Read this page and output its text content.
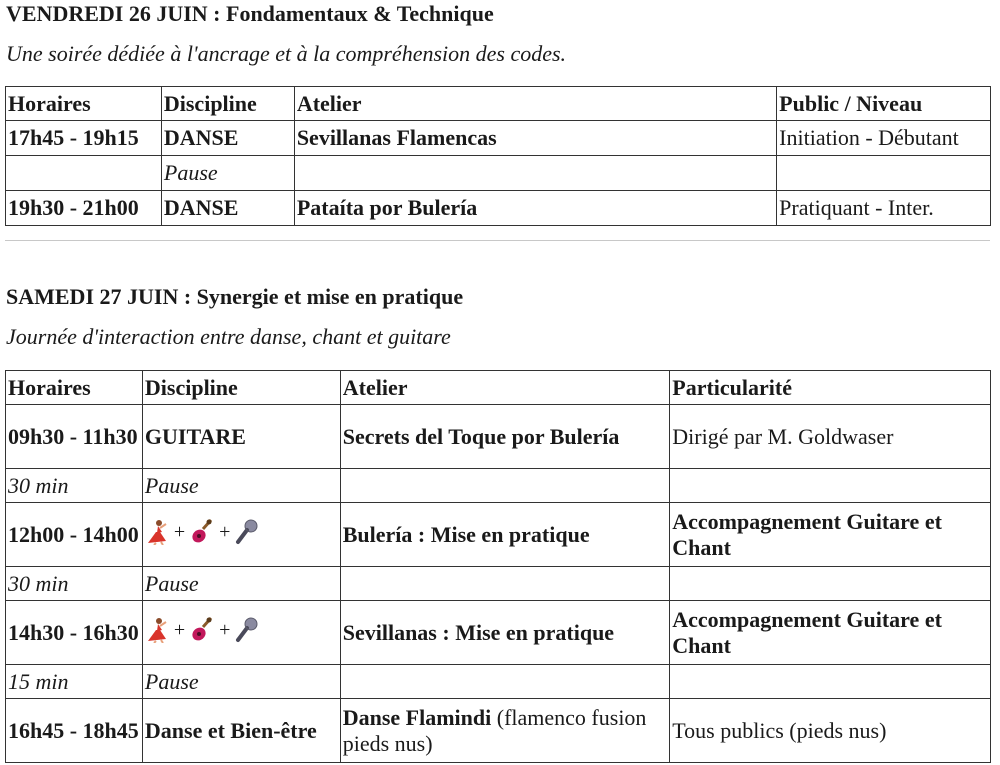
VENDREDI 26 JUIN : Fondamentaux & Technique
Une soirée dédiée à l'ancrage et à la compréhension des codes.
Horaires	Discipline	Atelier	Public / Niveau
17h45 - 19h15	DANSE	Sevillanas Flamencas	Initiation - Débutant
	Pause		
19h30 - 21h00	DANSE	Pataíta por Bulería	Pratiquant - Inter.
SAMEDI 27 JUIN : Synergie et mise en pratique
Journée d'interaction entre danse, chant et guitare
Horaires	Discipline	Atelier	Particularité
09h30 - 11h30	GUITARE	Secrets del Toque por Bulería	Dirigé par M. Goldwaser
30 min	Pause		
12h00 - 14h00	+ +	Bulería : Mise en pratique	Accompagnement Guitare et Chant
30 min	Pause		
14h30 - 16h30	+ +	Sevillanas : Mise en pratique	Accompagnement Guitare et Chant
15 min	Pause		
16h45 - 18h45	Danse et Bien-être	Danse Flamindi (flamenco fusion pieds nus)	Tous publics (pieds nus)
